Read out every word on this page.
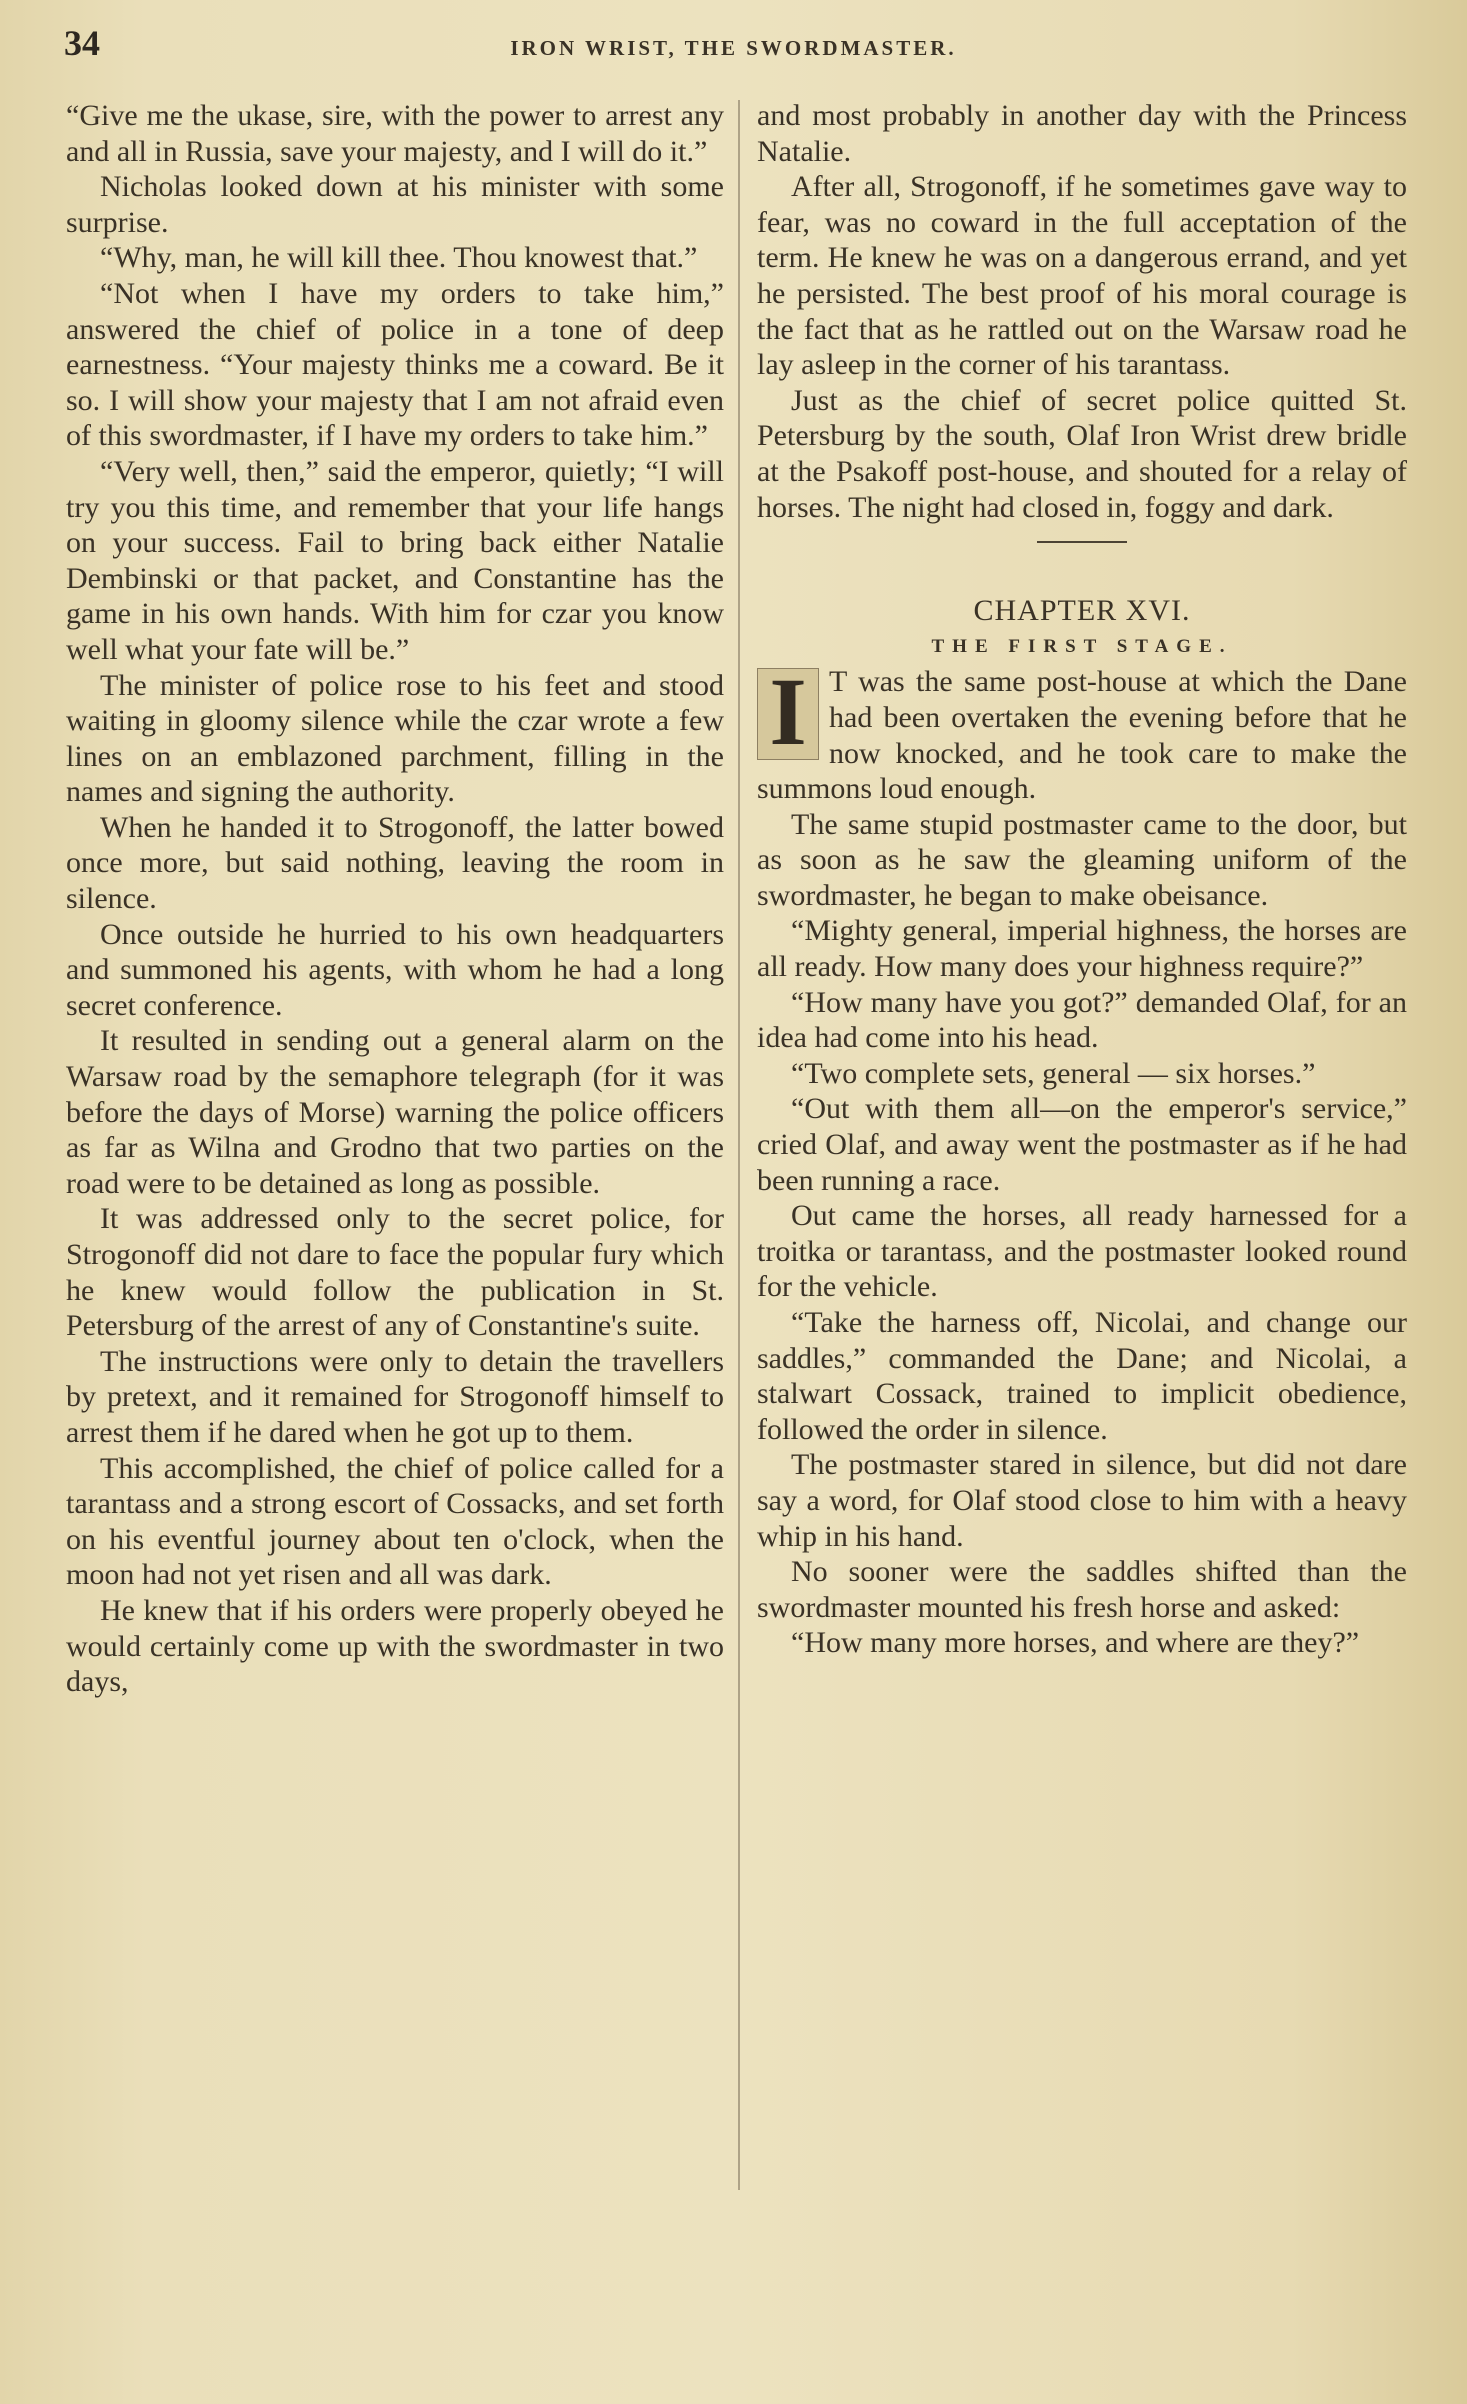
34	IRON WRIST, THE SWORDMASTER.

“Give me the ukase, sire, with the power to arrest any and all in Russia, save your majesty, and I will do it.”

Nicholas looked down at his minister with some surprise.

“Why, man, he will kill thee. Thou knowest that.”

“Not when I have my orders to take him,” answered the chief of police in a tone of deep earnestness. “Your majesty thinks me a coward. Be it so. I will show your majesty that I am not afraid even of this swordmaster, if I have my orders to take him.”

“Very well, then,” said the emperor, quietly; “I will try you this time, and remember that your life hangs on your success. Fail to bring back either Natalie Dembinski or that packet, and Constantine has the game in his own hands. With him for czar you know well what your fate will be.”

The minister of police rose to his feet and stood waiting in gloomy silence while the czar wrote a few lines on an emblazoned parchment, filling in the names and signing the authority.

When he handed it to Strogonoff, the latter bowed once more, but said nothing, leaving the room in silence.

Once outside he hurried to his own headquarters and summoned his agents, with whom he had a long secret conference.

It resulted in sending out a general alarm on the Warsaw road by the semaphore telegraph (for it was before the days of Morse) warning the police officers as far as Wilna and Grodno that two parties on the road were to be detained as long as possible.

It was addressed only to the secret police, for Strogonoff did not dare to face the popular fury which he knew would follow the publication in St. Petersburg of the arrest of any of Constantine's suite.

The instructions were only to detain the travellers by pretext, and it remained for Strogonoff himself to arrest them if he dared when he got up to them.

This accomplished, the chief of police called for a tarantass and a strong escort of Cossacks, and set forth on his eventful journey about ten o'clock, when the moon had not yet risen and all was dark.

He knew that if his orders were properly obeyed he would certainly come up with the swordmaster in two days,

and most probably in another day with the Princess Natalie.

After all, Strogonoff, if he sometimes gave way to fear, was no coward in the full acceptation of the term. He knew he was on a dangerous errand, and yet he persisted. The best proof of his moral courage is the fact that as he rattled out on the Warsaw road he lay asleep in the corner of his tarantass.

Just as the chief of secret police quitted St. Petersburg by the south, Olaf Iron Wrist drew bridle at the Psakoff post-house, and shouted for a relay of horses. The night had closed in, foggy and dark.

CHAPTER XVI.

THE FIRST STAGE.

I T was the same post-house at which the Dane had been overtaken the evening before that he now knocked, and he took care to make the summons loud enough.

The same stupid postmaster came to the door, but as soon as he saw the gleaming uniform of the swordmaster, he began to make obeisance.

“Mighty general, imperial highness, the horses are all ready. How many does your highness require?”

“How many have you got?” demanded Olaf, for an idea had come into his head.

“Two complete sets, general — six horses.”

“Out with them all—on the emperor's service,” cried Olaf, and away went the postmaster as if he had been running a race.

Out came the horses, all ready harnessed for a troitka or tarantass, and the postmaster looked round for the vehicle.

“Take the harness off, Nicolai, and change our saddles,” commanded the Dane; and Nicolai, a stalwart Cossack, trained to implicit obedience, followed the order in silence.

The postmaster stared in silence, but did not dare say a word, for Olaf stood close to him with a heavy whip in his hand.

No sooner were the saddles shifted than the swordmaster mounted his fresh horse and asked:

“How many more horses, and where are they?”
